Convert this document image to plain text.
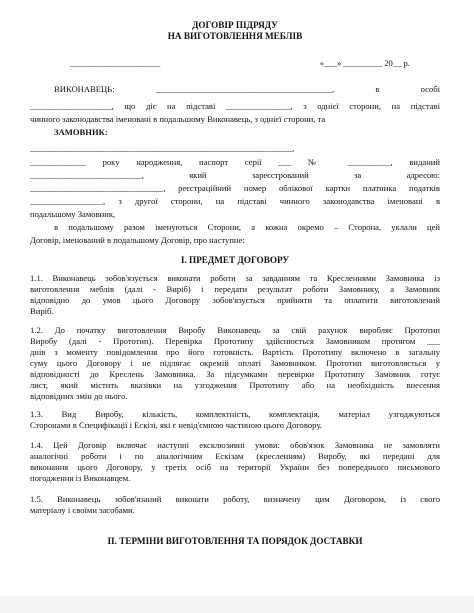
ДОГОВІР ПІДРЯДУ
НА ВИГОТОВЛЕННЯ МЕБЛІВ
_____________________	«___» _________ 20__ р.
ВИКОНАВЕЦЬ: _________________________________________, в особі
___________________, що діє на підставі _______________, з однієї сторони, на підставі
чинного законодавства іменовані в подальшому Виконавець, з однієї сторони, та
ЗАМОВНИК:
_____________________________________________________________,
_____________ року народження, паспорт серії ___ № __________, виданий
__________________________, який зареєстрований за адресою:
_______________________________, реєстраційний номер облікової картки платника податків
_________________, з другої сторони, на підставі чинного законодавства іменовані в
подальшому Замовник,
в подальшому разом іменуються Сторони, а кожна окремо – Сторона, уклали цей
Договір, іменований в подальшому Договір, про наступне:
І. ПРЕДМЕТ ДОГОВОРУ
1.1. Виконавець зобов'язується виконати роботи за завданням та Кресленнями Замовника із
виготовлення меблів (далі - Виріб) і передати результат роботи Замовнику, а Замовник
відповідно до умов цього Договору зобов'язується прийняти та оплатити виготовлений
Виріб.
1.2. До початку виготовлення Виробу Виконавець за свій рахунок виробляє Прототип
Виробу (далі - Прототип). Перевірка Прототипу здійснюється Замовником протягом ___
днів з моменту повідомлення про його готовність. Вартість Прототипу включено в загальну
суму цього Договору і не підлягає окремій оплаті Замовником. Прототип виготовляється у
відповідності до Креслень Замовника. За підсумками перевірки Прототипу Замовник готує
лист, який містить вказівки на узгодження Прототипу або на необхідність внесення
відповідних змін до нього.
1.3. Вид Виробу, кількість, комплектність, комплектація, матеріал узгоджуються
Сторонами в Специфікації і Ескізі, які є невід'ємною частиною цього Договору.
1.4. Цей Договір включає наступні ексклюзивні умови: обов'язок Замовника не замовляти
аналогічні роботи і по аналогічним Ескізам (кресленням) Виробу, які передані для
виконання цього Договору, у третіх осіб на території України без попереднього письмового
погодження із Виконавцем.
1.5. Виконавець зобов'язаний виконати роботу, визначену цим Договором, із свого
матеріалу і своїми засобами.
ІІ. ТЕРМІНИ ВИГОТОВЛЕННЯ ТА ПОРЯДОК ДОСТАВКИ
